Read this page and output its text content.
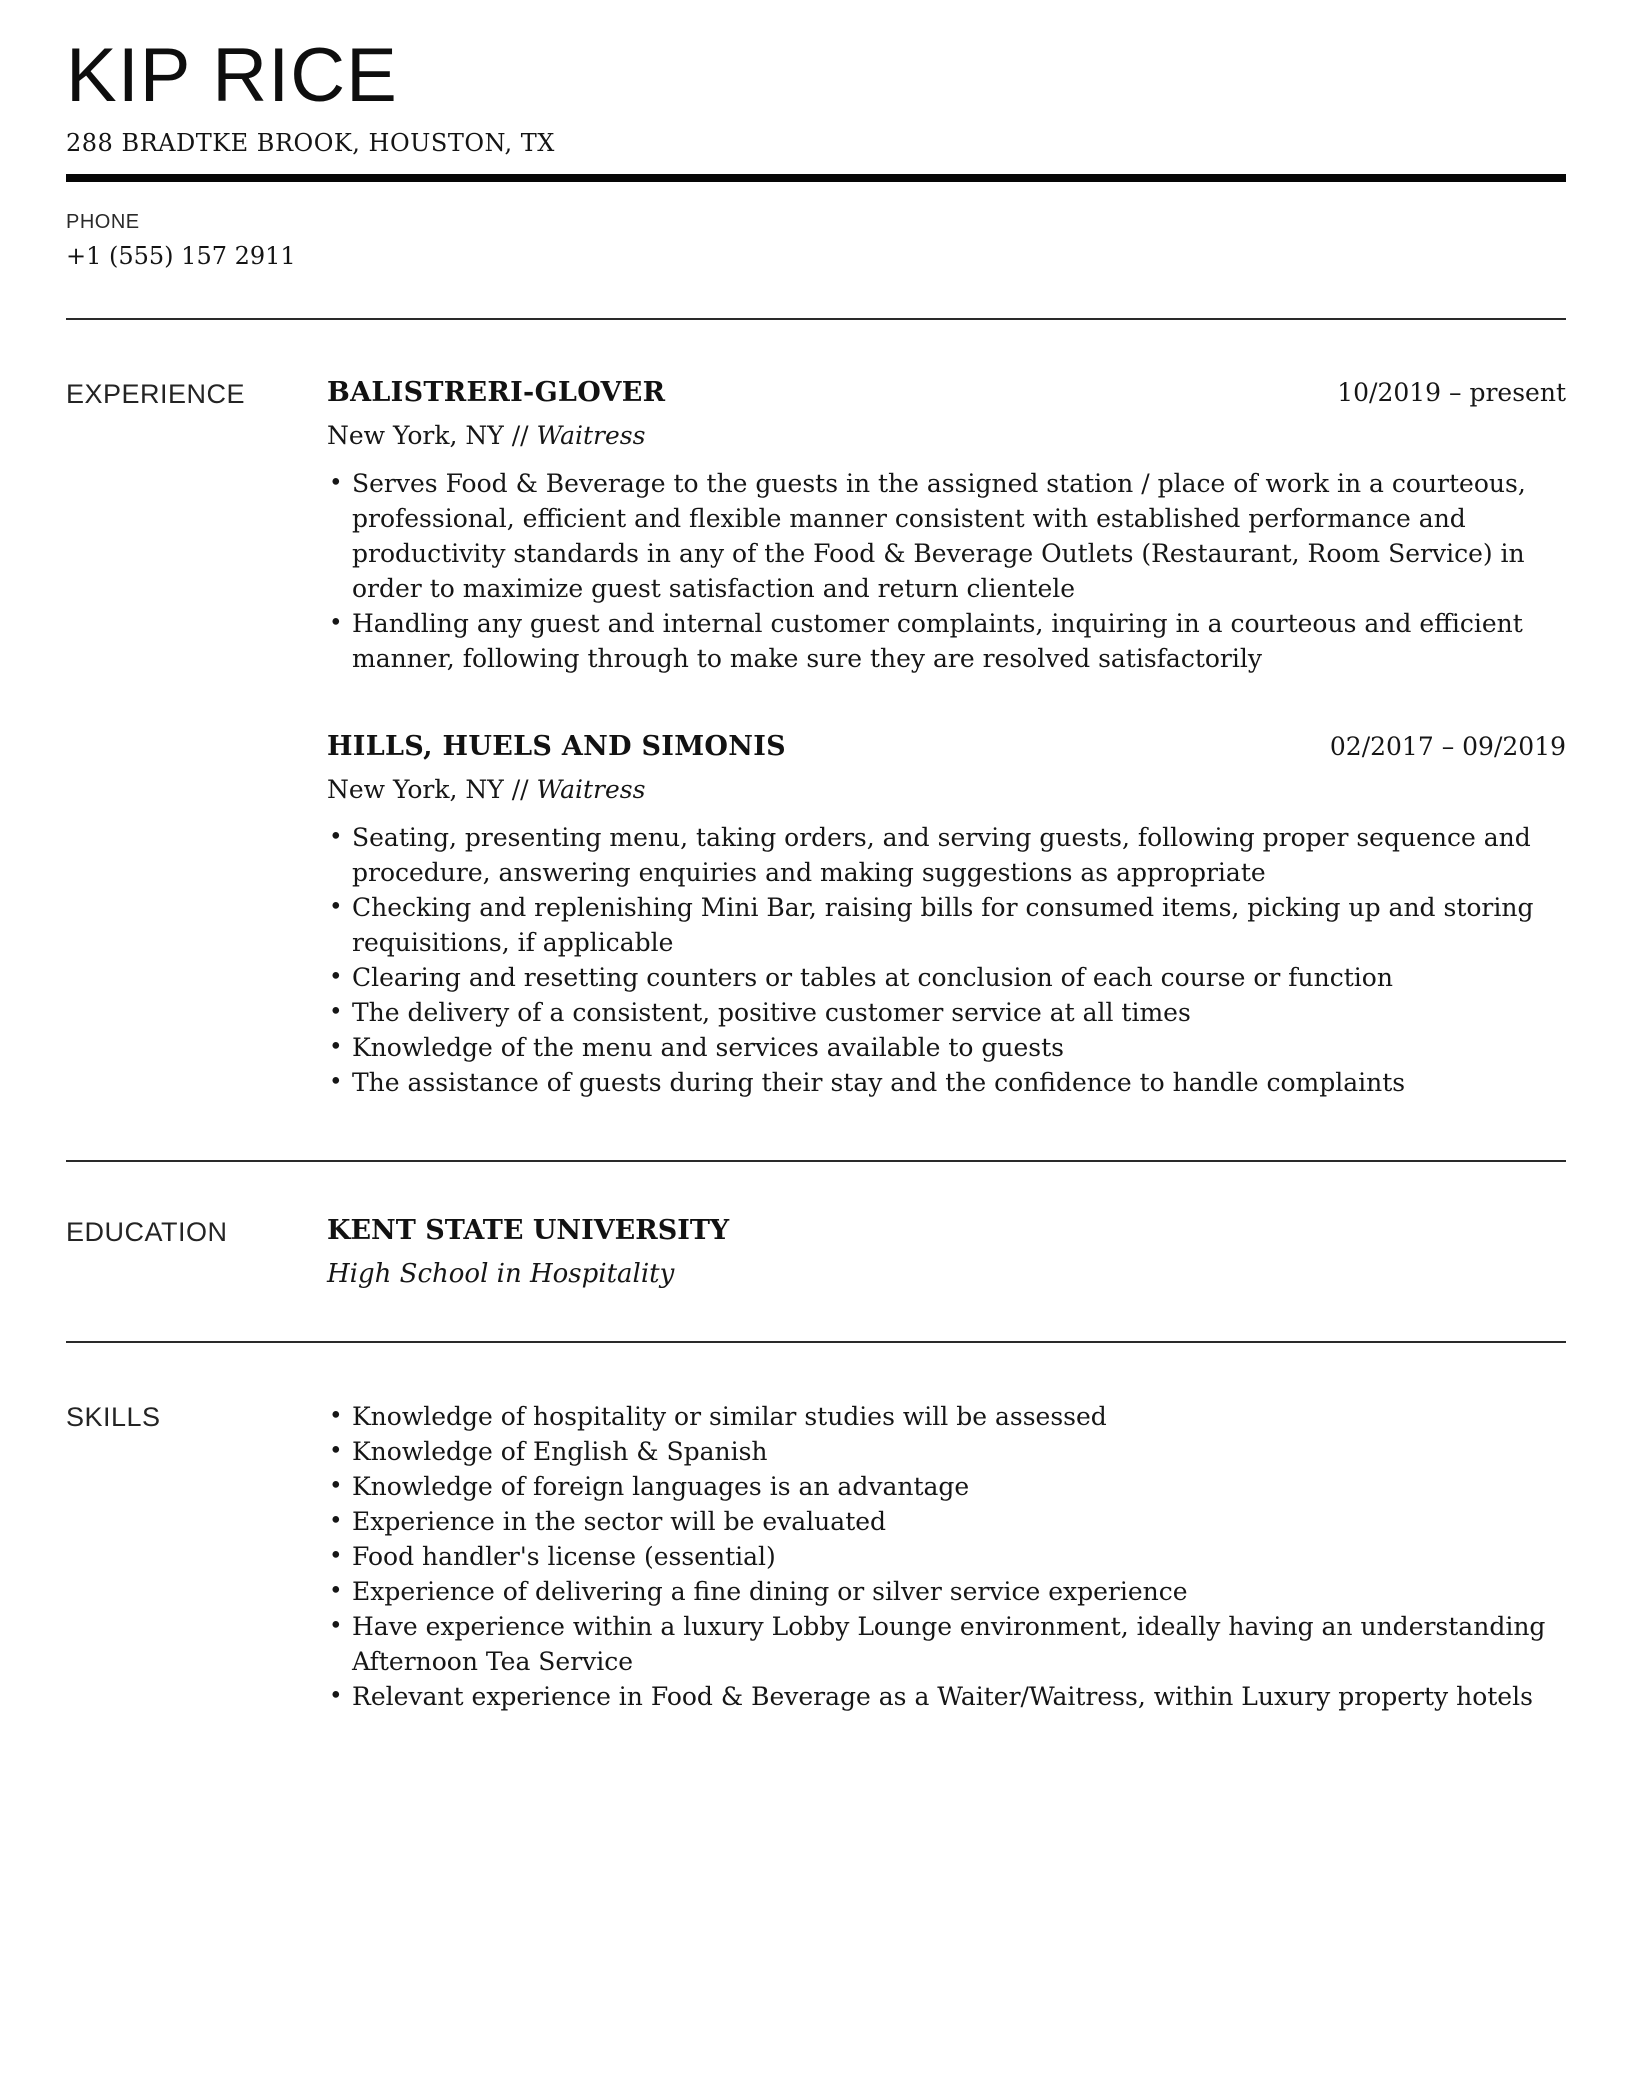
KIP RICE
288 BRADTKE BROOK, HOUSTON, TX
PHONE
+1 (555) 157 2911
EXPERIENCE	BALISTRERI-GLOVER	10/2019 – present
New York, NY // Waitress
• Serves Food & Beverage to the guests in the assigned station / place of work in a courteous, professional, efficient and flexible manner consistent with established performance and productivity standards in any of the Food & Beverage Outlets (Restaurant, Room Service) in order to maximize guest satisfaction and return clientele
• Handling any guest and internal customer complaints, inquiring in a courteous and efficient manner, following through to make sure they are resolved satisfactorily
HILLS, HUELS AND SIMONIS	02/2017 – 09/2019
New York, NY // Waitress
• Seating, presenting menu, taking orders, and serving guests, following proper sequence and procedure, answering enquiries and making suggestions as appropriate
• Checking and replenishing Mini Bar, raising bills for consumed items, picking up and storing requisitions, if applicable
• Clearing and resetting counters or tables at conclusion of each course or function
• The delivery of a consistent, positive customer service at all times
• Knowledge of the menu and services available to guests
• The assistance of guests during their stay and the confidence to handle complaints
EDUCATION	KENT STATE UNIVERSITY
High School in Hospitality
SKILLS	• Knowledge of hospitality or similar studies will be assessed
• Knowledge of English & Spanish
• Knowledge of foreign languages is an advantage
• Experience in the sector will be evaluated
• Food handler's license (essential)
• Experience of delivering a fine dining or silver service experience
• Have experience within a luxury Lobby Lounge environment, ideally having an understanding Afternoon Tea Service
• Relevant experience in Food & Beverage as a Waiter/Waitress, within Luxury property hotels
